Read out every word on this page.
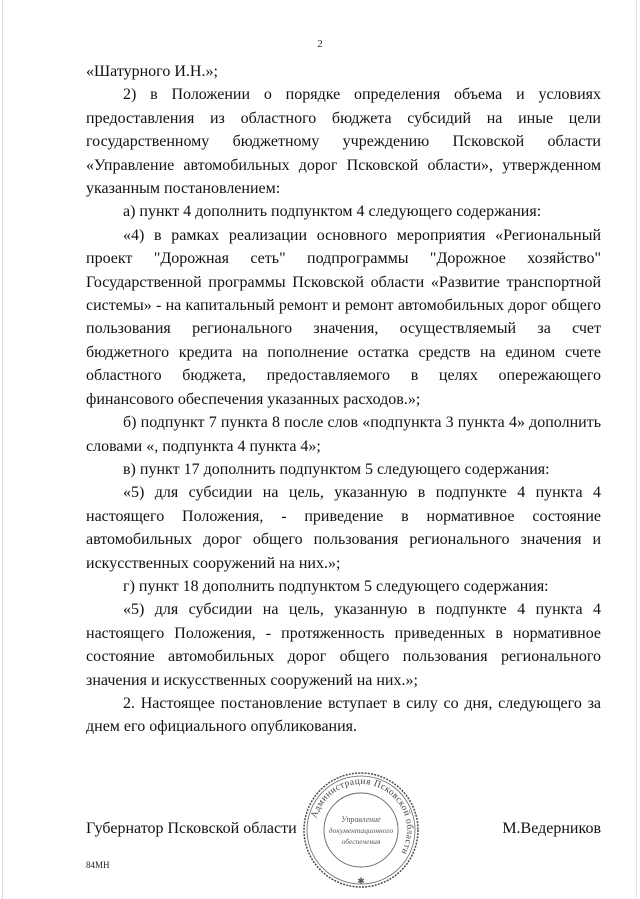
2

«Шатурного И.Н.»;

2) в Положении о порядке определения объема и условиях предоставления из областного бюджета субсидий на иные цели государственному бюджетному учреждению Псковской области «Управление автомобильных дорог Псковской области», утвержденном указанным постановлением:

а) пункт 4 дополнить подпунктом 4 следующего содержания:

«4) в рамках реализации основного мероприятия «Региональный проект "Дорожная сеть" подпрограммы "Дорожное хозяйство" Государственной программы Псковской области «Развитие транспортной системы» - на капитальный ремонт и ремонт автомобильных дорог общего пользования регионального значения, осуществляемый за счет бюджетного кредита на пополнение остатка средств на едином счете областного бюджета, предоставляемого в целях опережающего финансового обеспечения указанных расходов.»;

б) подпункт 7 пункта 8 после слов «подпункта 3 пункта 4» дополнить словами «, подпункта 4 пункта 4»;

в) пункт 17 дополнить подпунктом 5 следующего содержания:

«5) для субсидии на цель, указанную в подпункте 4 пункта 4 настоящего Положения, - приведение в нормативное состояние автомобильных дорог общего пользования регионального значения и искусственных сооружений на них.»;

г) пункт 18 дополнить подпунктом 5 следующего содержания:

«5) для субсидии на цель, указанную в подпункте 4 пункта 4 настоящего Положения, - протяженность приведенных в нормативное состояние автомобильных дорог общего пользования регионального значения и искусственных сооружений на них.»;

2. Настоящее постановление вступает в силу со дня, следующего за днем его официального опубликования.

Губернатор Псковской области	М.Ведерников
Администрация Псковской области
Управление
документационного
обеспечения
✱
84МН
